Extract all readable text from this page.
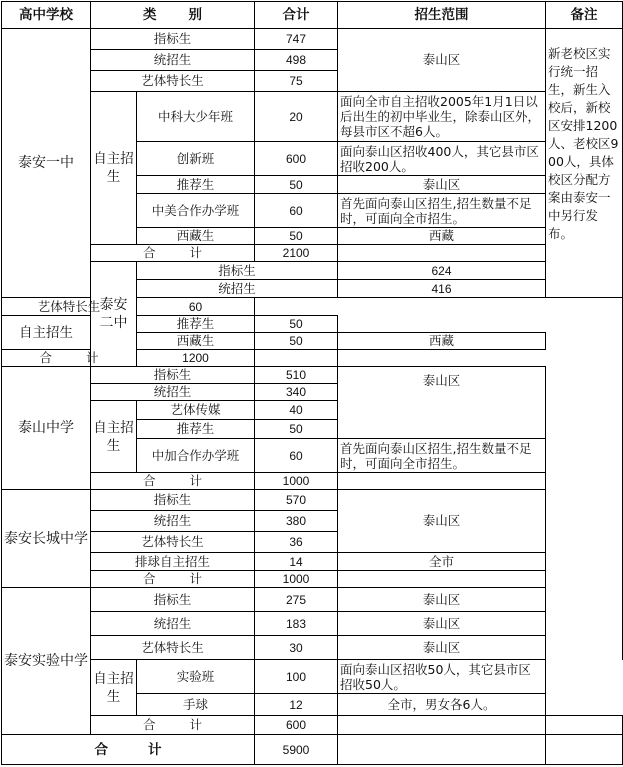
高中学校	类 别		合计	招生范围	备注	
泰安一中	指标生		747	泰山区	新老校区实行统一招生，新生入校后，新校区安排1200人、老校区900人，具体校区分配方案由泰安一中另行发布。	
	统招生		498			
	艺体特长生		75			
	自主招生	中科大少年班	20	面向全市自主招收2005年1月1日以后出生的初中毕业生，除泰山区外，每县市区不超6人。		
		创新班	600	面向泰山区招收400人，其它县市区招收200人。		
		推荐生	50	泰山区		
		中美合作办学班	60	首先面向泰山区招生,招生数量不足时，可面向全市招生。		
		西藏生	50	西藏		
	合 计		2100			
	泰安二中	指标生		624		
		统招生		416		
艺体特长生		60				
自主招生		推荐生	50			
		西藏生	50	西藏		
合 计		1200				
泰山中学	指标生		510	泰山区		
	统招生		340			
	自主招生	艺体传媒	40			
		推荐生	50			
		中加合作办学班	60	首先面向泰山区招生,招生数量不足时，可面向全市招生。		
	合 计		1000			
泰安长城中学	指标生		570	泰山区		
	统招生		380			
	艺体特长生		36			
	排球自主招生		14	全市		
	合 计		1000			
泰安实验中学	指标生		275	泰山区		
	统招生		183	泰山区		
	艺体特长生		30	泰山区		
	自主招生	实验班	100	面向泰山区招收50人，其它县市区招收50人。		
		手球	12	全市，男女各6人。		
	合 计		600			
合 计			5900			
